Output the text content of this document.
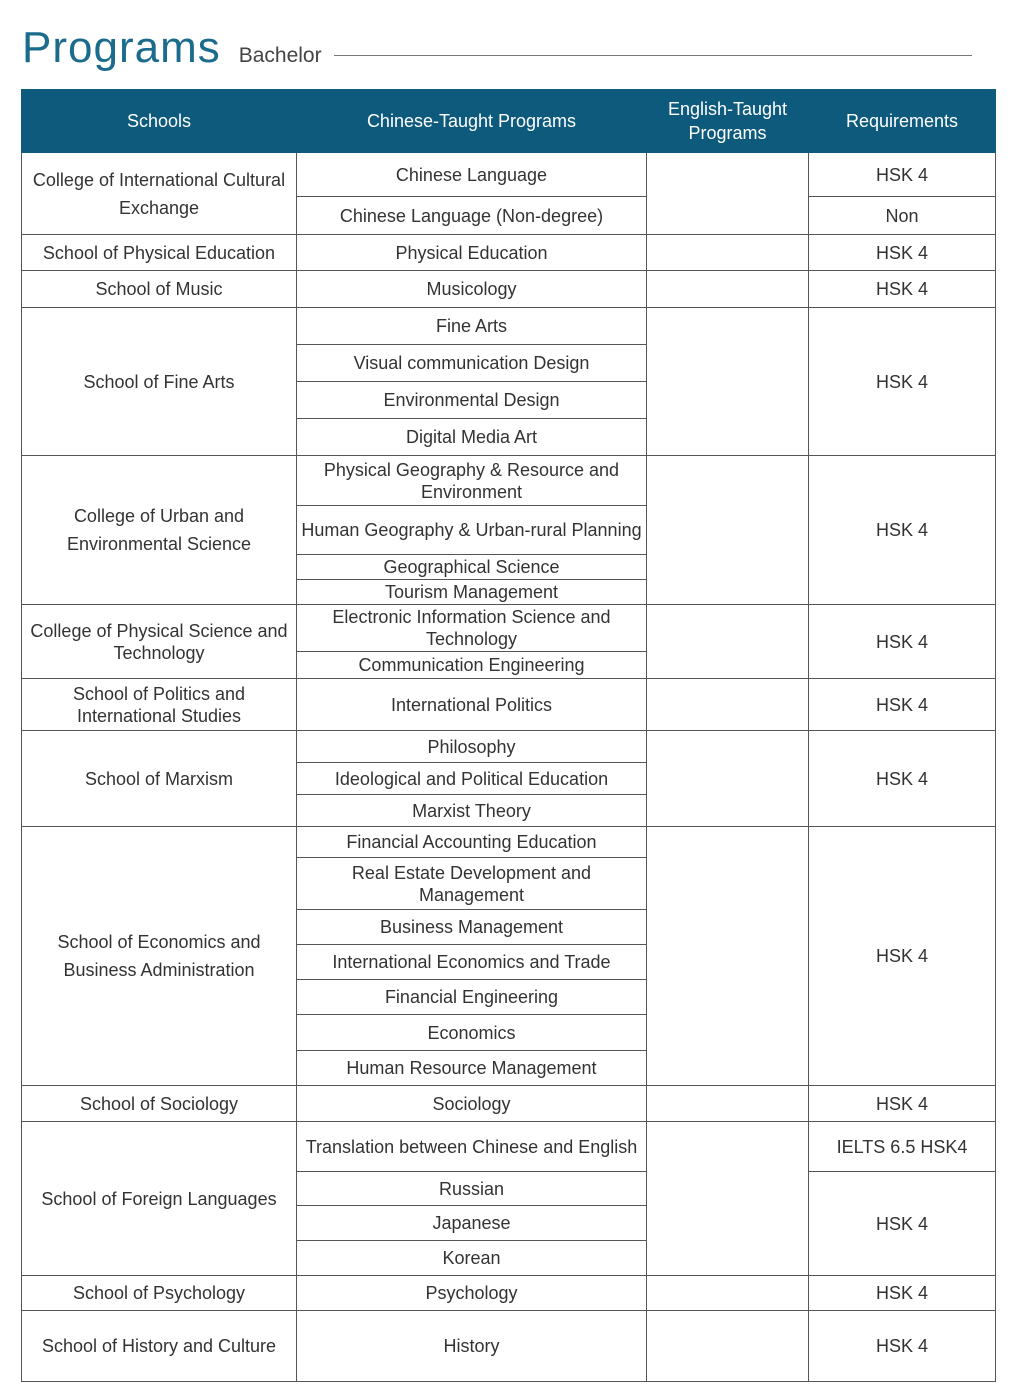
Programs Bachelor
Schools	Chinese-Taught Programs	English-Taught Programs	Requirements
College of International Cultural Exchange	Chinese Language		HSK 4
	Chinese Language (Non-degree)		Non
School of Physical Education	Physical Education		HSK 4
School of Music	Musicology		HSK 4
School of Fine Arts	Fine Arts		HSK 4
	Visual communication Design		
	Environmental Design		
	Digital Media Art		
College of Urban and Environmental Science	Physical Geography & Resource and Environment		HSK 4
	Human Geography & Urban-rural Planning		
	Geographical Science		
	Tourism Management		
College of Physical Science and Technology	Electronic Information Science and Technology		HSK 4
	Communication Engineering		
School of Politics and International Studies	International Politics		HSK 4
School of Marxism	Philosophy		HSK 4
	Ideological and Political Education		
	Marxist Theory		
School of Economics and Business Administration	Financial Accounting Education		HSK 4
	Real Estate Development and Management		
	Business Management		
	International Economics and Trade		
	Financial Engineering		
	Economics		
	Human Resource Management		
School of Sociology	Sociology		HSK 4
School of Foreign Languages	Translation between Chinese and English		IELTS 6.5 HSK4
	Russian		HSK 4
	Japanese		
	Korean		
School of Psychology	Psychology		HSK 4
School of History and Culture	History		HSK 4
